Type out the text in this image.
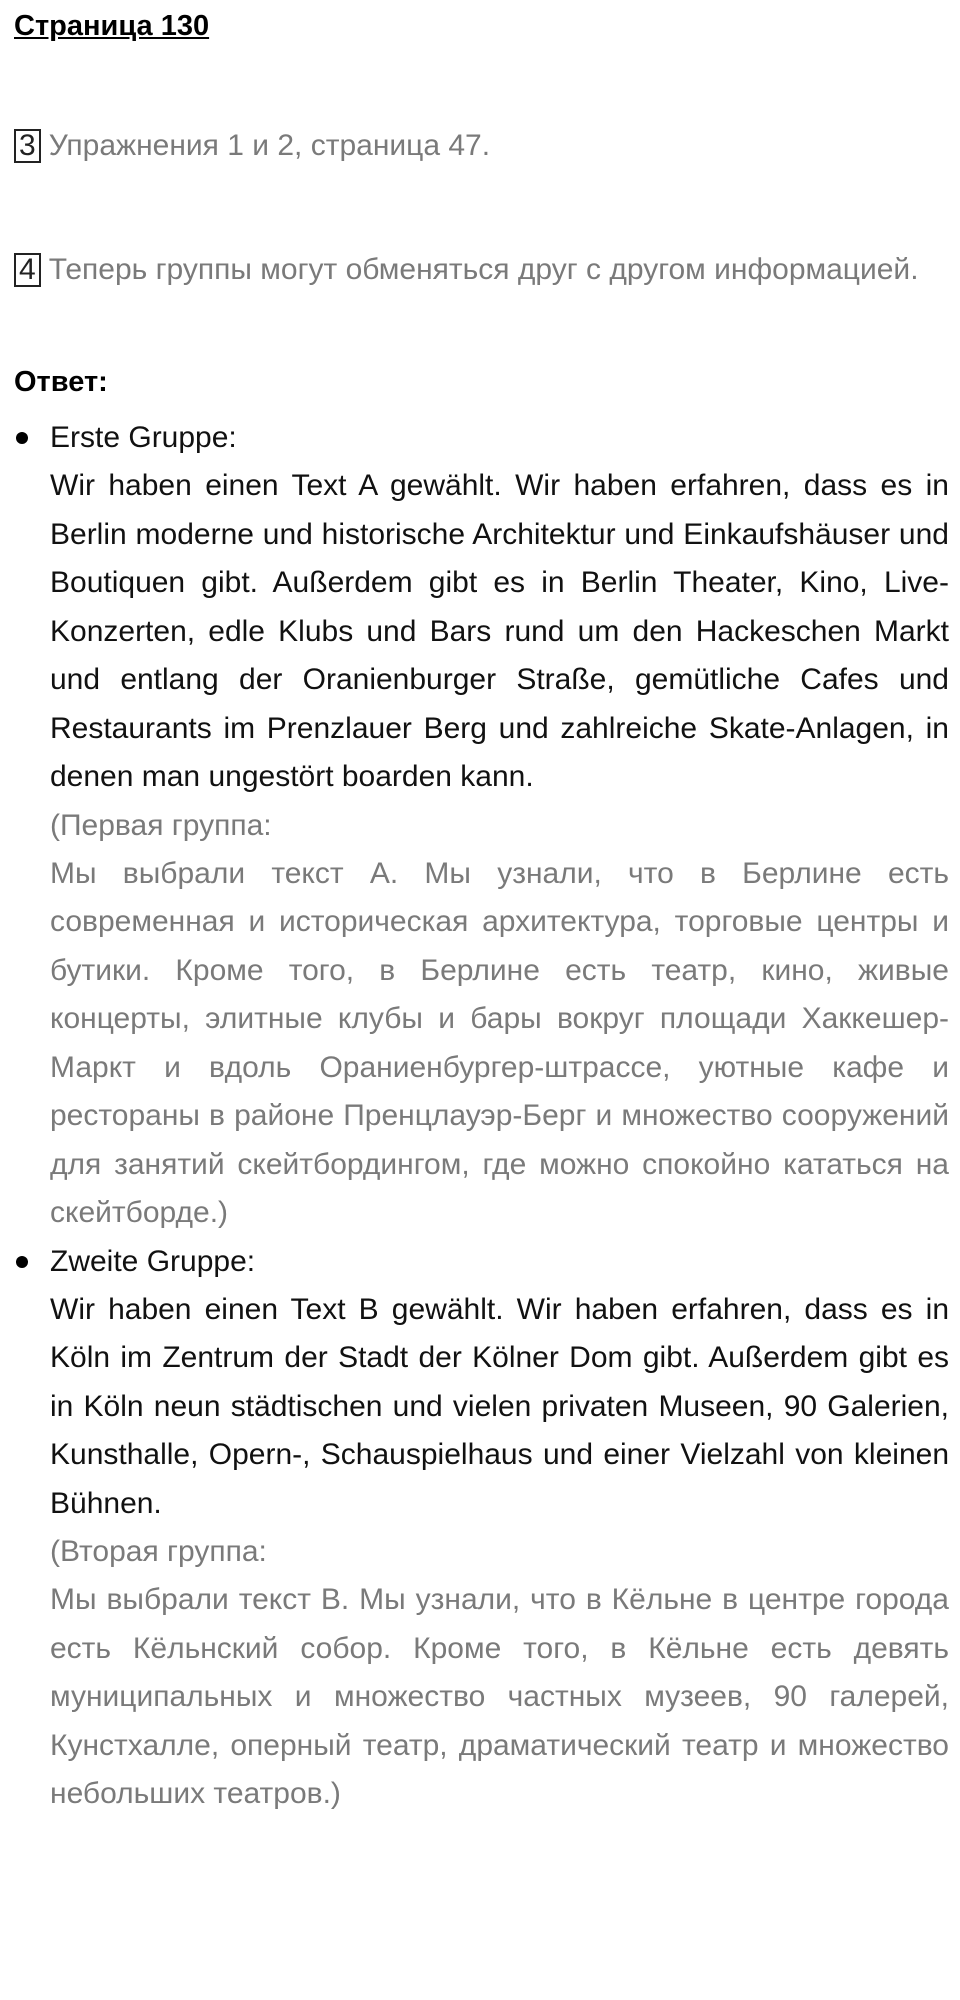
Страница 130
3 Упражнения 1 и 2, страница 47.
4 Теперь группы могут обменяться друг с другом информацией.
Ответ:
Erste Gruppe:
Wir haben einen Text A gewählt. Wir haben erfahren, dass es in Berlin moderne und historische Architektur und Einkaufshäuser und Boutiquen gibt. Außerdem gibt es in Berlin Theater, Kino, Live-Konzerten, edle Klubs und Bars rund um den Hackeschen Markt und entlang der Oranienburger Straße, gemütliche Cafes und Restaurants im Prenzlauer Berg und zahlreiche Skate-Anlagen, in denen man ungestört boarden kann.
(Первая группа:
Мы выбрали текст А. Мы узнали, что в Берлине есть современная и историческая архитектура, торговые центры и бутики. Кроме того, в Берлине есть театр, кино, живые концерты, элитные клубы и бары вокруг площади Хаккешер-Маркт и вдоль Ораниенбургер-штрассе, уютные кафе и рестораны в районе Пренцлауэр-Берг и множество сооружений для занятий скейтбордингом, где можно спокойно кататься на скейтборде.)
Zweite Gruppe:
Wir haben einen Text B gewählt. Wir haben erfahren, dass es in Köln im Zentrum der Stadt der Kölner Dom gibt. Außerdem gibt es in Köln neun städtischen und vielen privaten Museen, 90 Galerien, Kunsthalle, Opern-, Schauspielhaus und einer Vielzahl von kleinen Bühnen.
(Вторая группа:
Мы выбрали текст В. Мы узнали, что в Кёльне в центре города есть Кёльнский собор. Кроме того, в Кёльне есть девять муниципальных и множество частных музеев, 90 галерей, Кунстхалле, оперный театр, драматический театр и множество небольших театров.)
